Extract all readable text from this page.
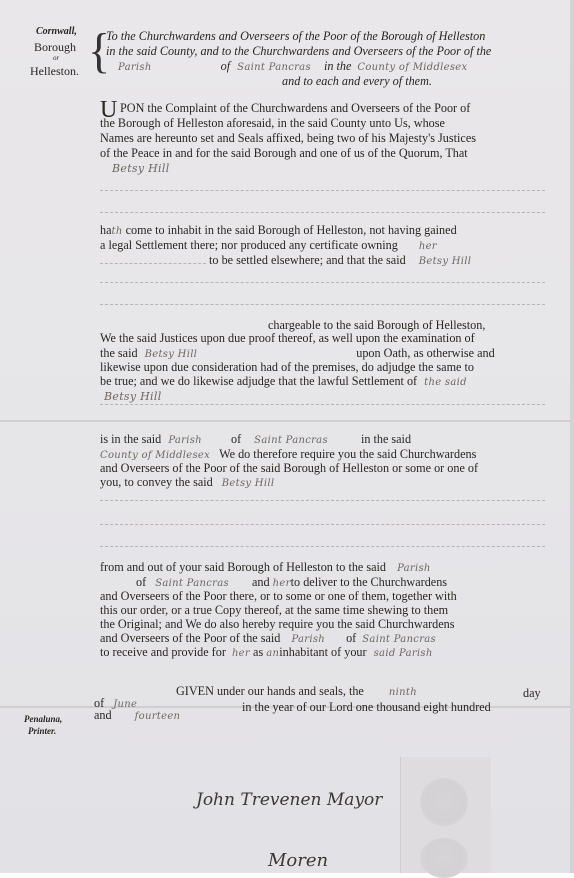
Cornwall,
Borough
or
Helleston. {
To the Churchwardens and Overseers of the Poor of the Borough of Helleston
in the said County, and to the Churchwardens and Overseers of the Poor of the
Parish	of Saint Pancras in the County of Middlesex
and to each and every of them.
U PON the Complaint of the Churchwardens and Overseers of the Poor of
the Borough of Helleston aforesaid, in the said County unto Us, whose
Names are hereunto set and Seals affixed, being two of his Majesty's Justices
of the Peace in and for the said Borough and one of us of the Quorum, That
Betsy Hill
hath come to inhabit in the said Borough of Helleston, not having gained
a legal Settlement there; nor produced any certificate owning her
to be settled elsewhere; and that the said Betsy Hill
chargeable to the said Borough of Helleston,
We the said Justices upon due proof thereof, as well upon the examination of
the said Betsy Hill	upon Oath, as otherwise and
likewise upon due consideration had of the premises, do adjudge the same to
be true; and we do likewise adjudge that the lawful Settlement of the said
Betsy Hill
is in the said Parish of Saint Pancras	in the said
County of Middlesex We do therefore require you the said Churchwardens
and Overseers of the Poor of the said Borough of Helleston or some or one of
you, to convey the said Betsy Hill
from and out of your said Borough of Helleston to the said Parish
of Saint Pancras and herto deliver to the Churchwardens
and Overseers of the Poor there, or to some or one of them, together with
this our order, or a true Copy thereof, at the same time shewing to them
the Original; and We do also hereby require you the said Churchwardens
and Overseers of the Poor of the said Parish of Saint Pancras
to receive and provide for her as aninhabitant of your said Parish
GIVEN under our hands and seals, the	ninth	day
of June	in the year of our Lord one thousand eight hundred
and fourteen
Penaluna,
Printer.
John Trevenen Mayor
Moren
